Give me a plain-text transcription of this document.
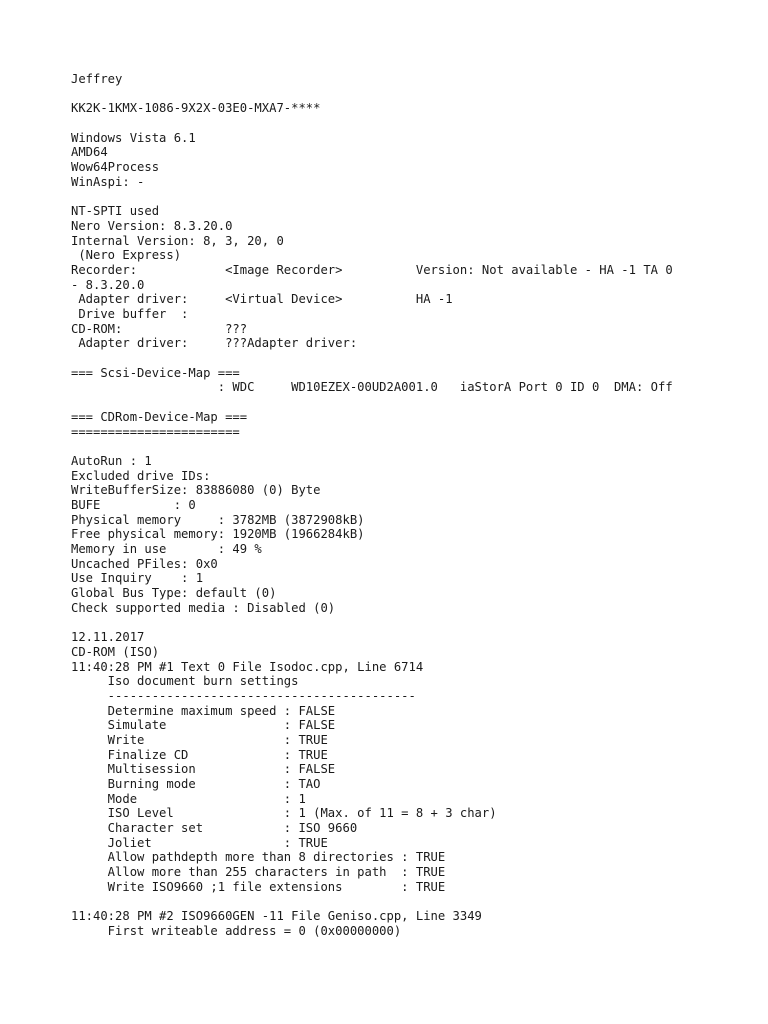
Jeffrey
KK2K-1KMX-1086-9X2X-03E0-MXA7-****
Windows Vista 6.1
AMD64
Wow64Process
WinAspi: -
NT-SPTI used
Nero Version: 8.3.20.0
Internal Version: 8, 3, 20, 0
(Nero Express)
Recorder:            <Image Recorder>          Version: Not available - HA -1 TA 0
- 8.3.20.0
Adapter driver:     <Virtual Device>          HA -1
Drive buffer  :
CD-ROM:              ???
Adapter driver:     ???Adapter driver:
=== Scsi-Device-Map ===
: WDC     WD10EZEX-00UD2A001.0   iaStorA Port 0 ID 0  DMA: Off
=== CDRom-Device-Map ===
=======================
AutoRun : 1
Excluded drive IDs:
WriteBufferSize: 83886080 (0) Byte
BUFE          : 0
Physical memory     : 3782MB (3872908kB)
Free physical memory: 1920MB (1966284kB)
Memory in use       : 49 %
Uncached PFiles: 0x0
Use Inquiry    : 1
Global Bus Type: default (0)
Check supported media : Disabled (0)
12.11.2017
CD-ROM (ISO)
11:40:28 PM #1 Text 0 File Isodoc.cpp, Line 6714
Iso document burn settings
------------------------------------------
Determine maximum speed : FALSE
Simulate                : FALSE
Write                   : TRUE
Finalize CD             : TRUE
Multisession            : FALSE
Burning mode            : TAO
Mode                    : 1
ISO Level               : 1 (Max. of 11 = 8 + 3 char)
Character set           : ISO 9660
Joliet                  : TRUE
Allow pathdepth more than 8 directories : TRUE
Allow more than 255 characters in path  : TRUE
Write ISO9660 ;1 file extensions        : TRUE
11:40:28 PM #2 ISO9660GEN -11 File Geniso.cpp, Line 3349
First writeable address = 0 (0x00000000)
